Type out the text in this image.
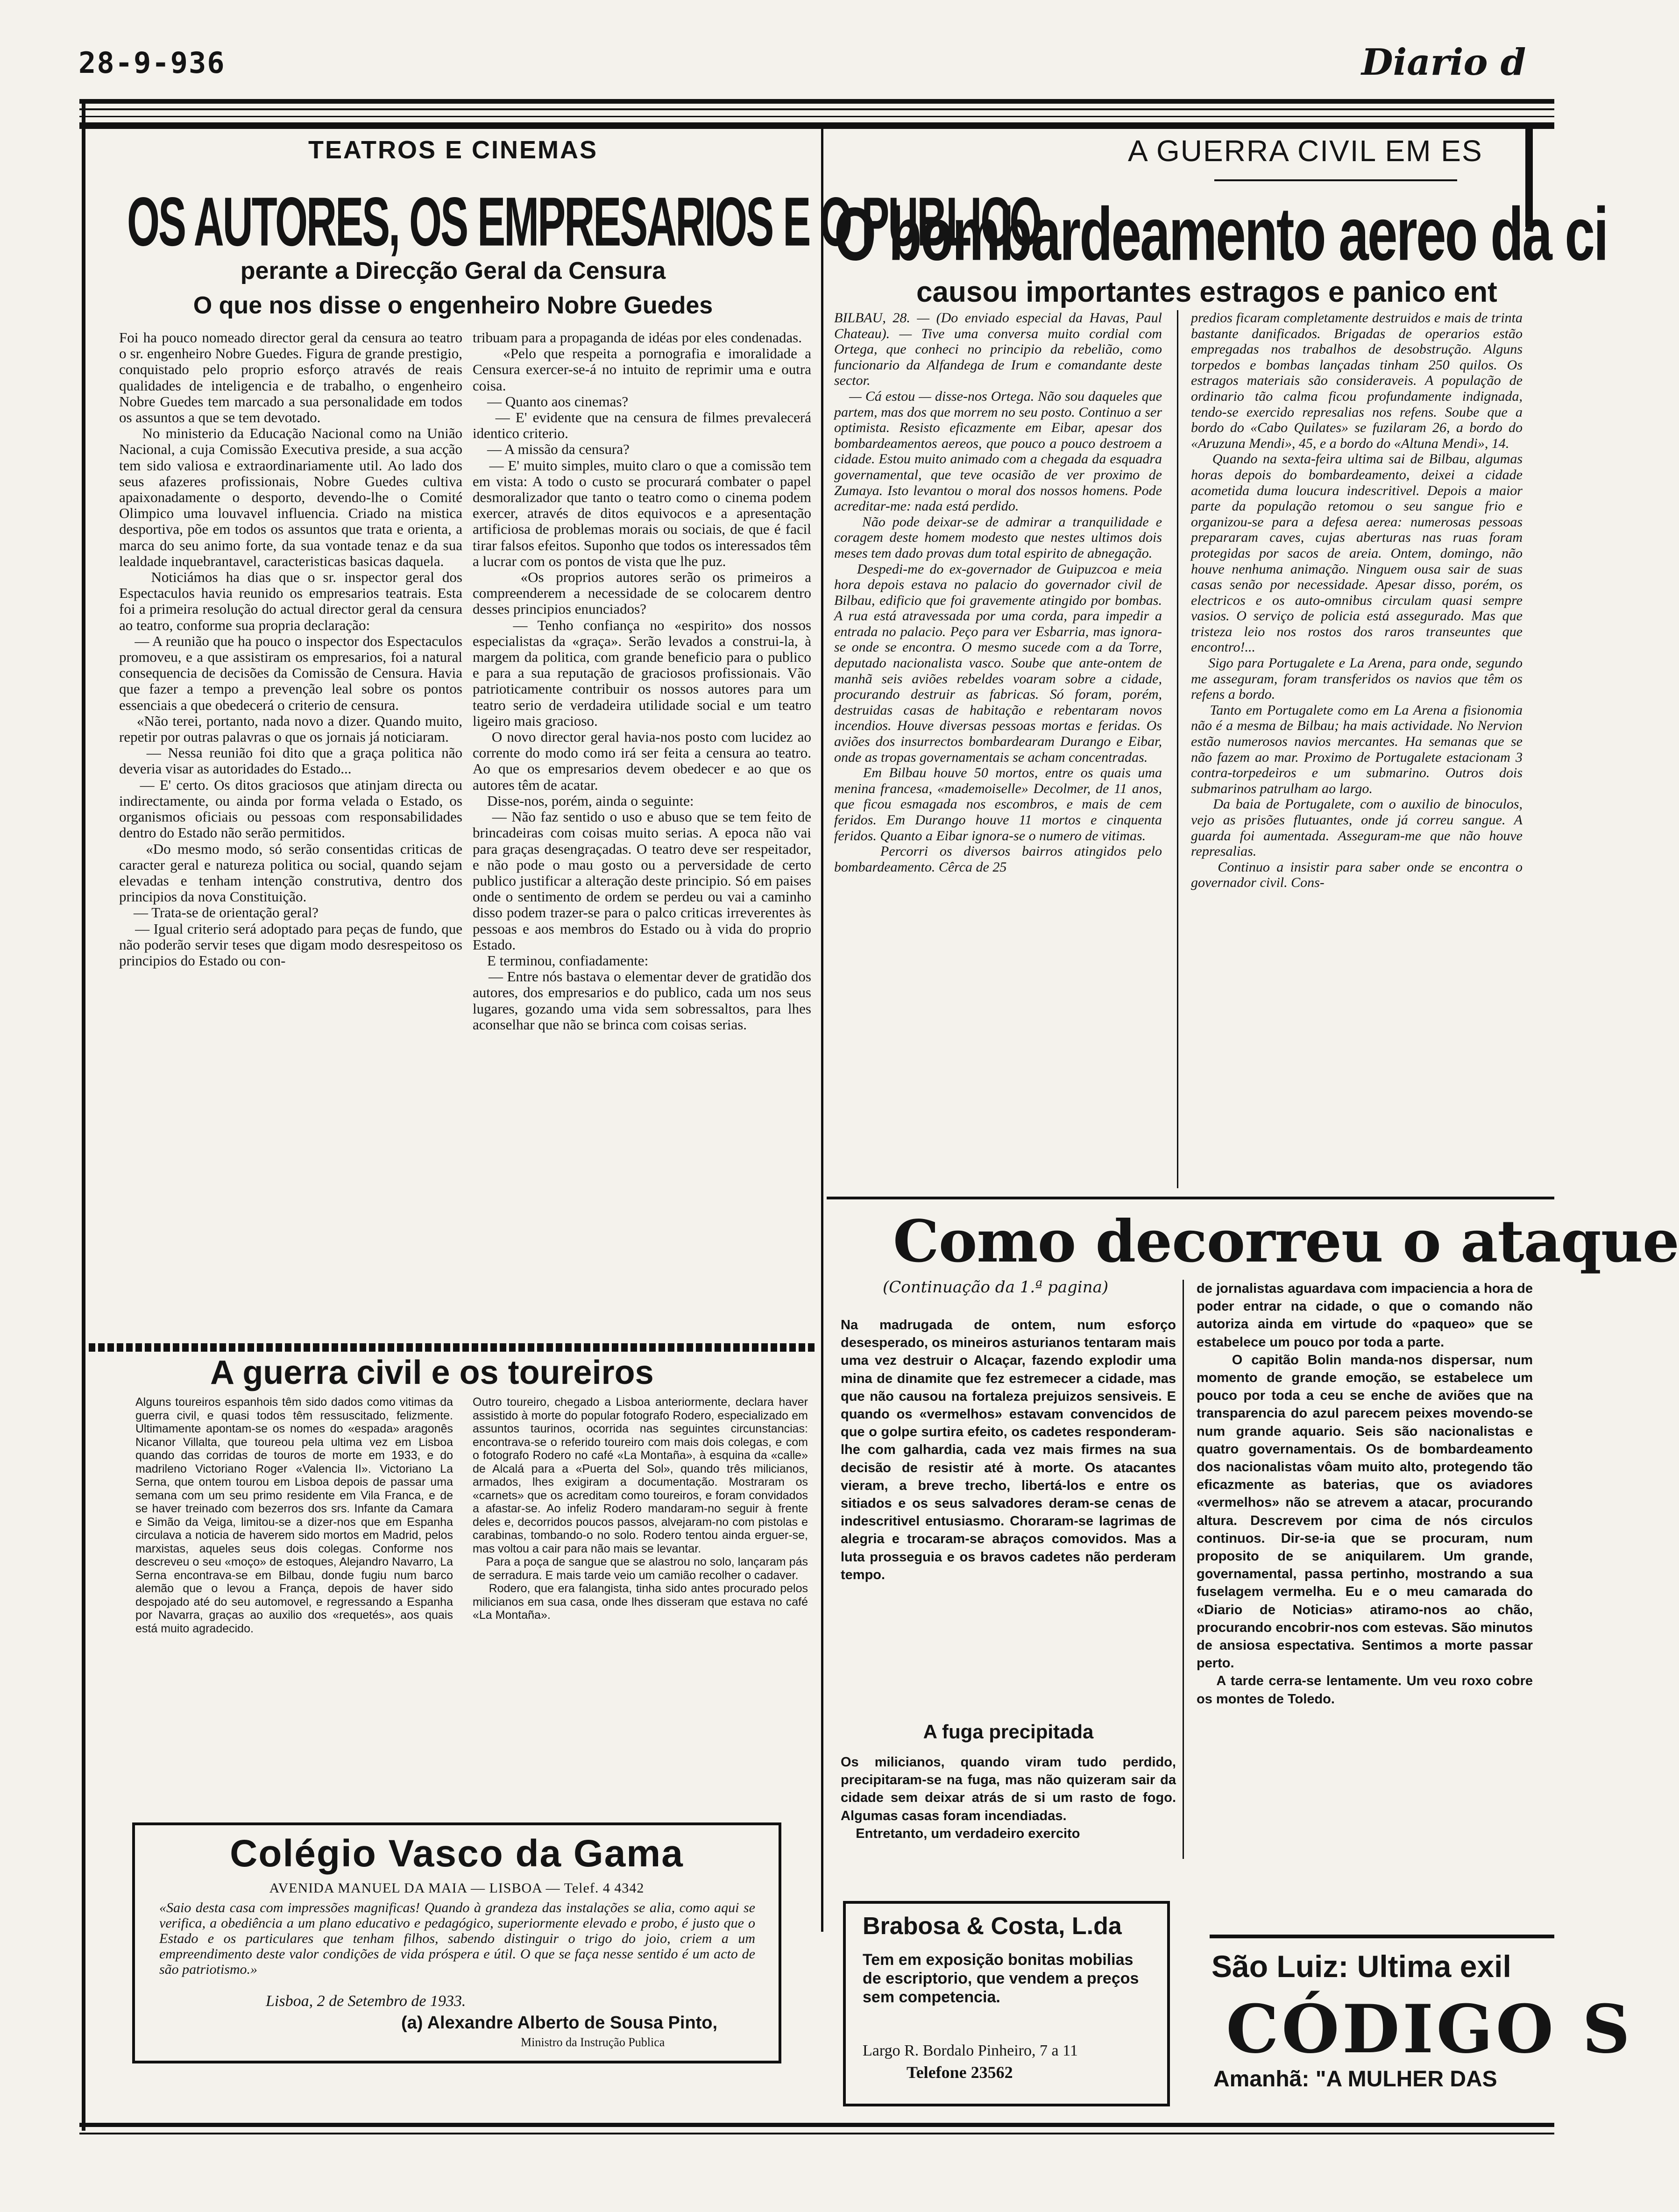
28-9-936	Diario d
TEATROS E CINEMAS
OS AUTORES, OS EMPRESARIOS E O PUBLICO
perante a Direcção Geral da Censura
O que nos disse o engenheiro Nobre Guedes
Foi ha pouco nomeado director geral da censura ao teatro o sr. engenheiro Nobre Guedes. Figura de grande prestigio, conquistado pelo proprio esforço através de reais qualidades de inteligencia e de trabalho, o engenheiro Nobre Guedes tem marcado a sua personalidade em todos os assuntos a que se tem devotado.
No ministerio da Educação Nacional como na União Nacional, a cuja Comissão Executiva preside, a sua acção tem sido valiosa e extraordinariamente util. Ao lado dos seus afazeres profissionais, Nobre Guedes cultiva apaixonadamente o desporto, devendo-lhe o Comité Olimpico uma louvavel influencia. Criado na mistica desportiva, põe em todos os assuntos que trata e orienta, a marca do seu animo forte, da sua vontade tenaz e da sua lealdade inquebrantavel, caracteristicas basicas daquela.
Noticiámos ha dias que o sr. inspector geral dos Espectaculos havia reunido os empresarios teatrais. Esta foi a primeira resolução do actual director geral da censura ao teatro, conforme sua propria declaração:
— A reunião que ha pouco o inspector dos Espectaculos promoveu, e a que assistiram os empresarios, foi a natural consequencia de decisões da Comissão de Censura. Havia que fazer a tempo a prevenção leal sobre os pontos essenciais a que obedecerá o criterio de censura.
«Não terei, portanto, nada novo a dizer. Quando muito, repetir por outras palavras o que os jornais já noticiaram.
— Nessa reunião foi dito que a graça politica não deveria visar as autoridades do Estado...
— E' certo. Os ditos graciosos que atinjam directa ou indirectamente, ou ainda por forma velada o Estado, os organismos oficiais ou pessoas com responsabilidades dentro do Estado não serão permitidos.
«Do mesmo modo, só serão consentidas criticas de caracter geral e natureza politica ou social, quando sejam elevadas e tenham intenção construtiva, dentro dos principios da nova Constituição.
— Trata-se de orientação geral?
— Igual criterio será adoptado para peças de fundo, que não poderão servir teses que digam modo desrespeitoso os principios do Estado ou con-
tribuam para a propaganda de idéas por eles condenadas.
«Pelo que respeita a pornografia e imoralidade a Censura exercer-se-á no intuito de reprimir uma e outra coisa.
— Quanto aos cinemas?
— E' evidente que na censura de filmes prevalecerá identico criterio.
— A missão da censura?
— E' muito simples, muito claro o que a comissão tem em vista: A todo o custo se procurará combater o papel desmoralizador que tanto o teatro como o cinema podem exercer, através de ditos equivocos e a apresentação artificiosa de problemas morais ou sociais, de que é facil tirar falsos efeitos. Suponho que todos os interessados têm a lucrar com os pontos de vista que lhe puz.
«Os proprios autores serão os primeiros a compreenderem a necessidade de se colocarem dentro desses principios enunciados?
— Tenho confiança no «espirito» dos nossos especialistas da «graça». Serão levados a construi-la, à margem da politica, com grande beneficio para o publico e para a sua reputação de graciosos profissionais. Vão patrioticamente contribuir os nossos autores para um teatro serio de verdadeira utilidade social e um teatro ligeiro mais gracioso.
O novo director geral havia-nos posto com lucidez ao corrente do modo como irá ser feita a censura ao teatro. Ao que os empresarios devem obedecer e ao que os autores têm de acatar.
Disse-nos, porém, ainda o seguinte:
— Não faz sentido o uso e abuso que se tem feito de brincadeiras com coisas muito serias. A epoca não vai para graças desengraçadas. O teatro deve ser respeitador, e não pode o mau gosto ou a perversidade de certo publico justificar a alteração deste principio. Só em paises onde o sentimento de ordem se perdeu ou vai a caminho disso podem trazer-se para o palco criticas irreverentes às pessoas e aos membros do Estado ou à vida do proprio Estado.
E terminou, confiadamente:
— Entre nós bastava o elementar dever de gratidão dos autores, dos empresarios e do publico, cada um nos seus lugares, gozando uma vida sem sobressaltos, para lhes aconselhar que não se brinca com coisas serias.
A guerra civil e os toureiros
Alguns toureiros espanhois têm sido dados como vitimas da guerra civil, e quasi todos têm ressuscitado, felizmente. Ultimamente apontam-se os nomes do «espada» aragonês Nicanor Villalta, que toureou pela ultima vez em Lisboa quando das corridas de touros de morte em 1933, e do madrileno Victoriano Roger «Valencia II». Victoriano La Serna, que ontem tourou em Lisboa depois de passar uma semana com um seu primo residente em Vila Franca, e de se haver treinado com bezerros dos srs. Infante da Camara e Simão da Veiga, limitou-se a dizer-nos que em Espanha circulava a noticia de haverem sido mortos em Madrid, pelos marxistas, aqueles seus dois colegas. Conforme nos descreveu o seu «moço» de estoques, Alejandro Navarro, La Serna encontrava-se em Bilbau, donde fugiu num barco alemão que o levou a França, depois de haver sido despojado até do seu automovel, e regressando a Espanha por Navarra, graças ao auxilio dos «requetés», aos quais está muito agradecido.
Outro toureiro, chegado a Lisboa anteriormente, declara haver assistido à morte do popular fotografo Rodero, especializado em assuntos taurinos, ocorrida nas seguintes circunstancias: encontrava-se o referido toureiro com mais dois colegas, e com o fotografo Rodero no café «La Montaña», à esquina da «calle» de Alcalá para a «Puerta del Sol», quando três milicianos, armados, lhes exigiram a documentação. Mostraram os «carnets» que os acreditam como toureiros, e foram convidados a afastar-se. Ao infeliz Rodero mandaram-no seguir à frente deles e, decorridos poucos passos, alvejaram-no com pistolas e carabinas, tombando-o no solo. Rodero tentou ainda erguer-se, mas voltou a cair para não mais se levantar.
Para a poça de sangue que se alastrou no solo, lançaram pás de serradura. E mais tarde veio um camião recolher o cadaver.
Rodero, que era falangista, tinha sido antes procurado pelos milicianos em sua casa, onde lhes disseram que estava no café «La Montaña».
Colégio Vasco da Gama
AVENIDA MANUEL DA MAIA — LISBOA — Telef. 4 4342
«Saio desta casa com impressões magnificas! Quando à grandeza das instalações se alia, como aqui se verifica, a obediência a um plano educativo e pedagógico, superiormente elevado e probo, é justo que o Estado e os particulares que tenham filhos, sabendo distinguir o trigo do joio, criem a um empreendimento deste valor condições de vida próspera e útil. O que se faça nesse sentido é um acto de são patriotismo.»
Lisboa, 2 de Setembro de 1933.
(a) Alexandre Alberto de Sousa Pinto,
Ministro da Instrução Publica
A GUERRA CIVIL EM ES
O bombardeamento aereo da ci
causou importantes estragos e panico ent
BILBAU, 28. — (Do enviado especial da Havas, Paul Chateau). — Tive uma conversa muito cordial com Ortega, que conheci no principio da rebelião, como funcionario da Alfandega de Irum e comandante deste sector.
— Cá estou — disse-nos Ortega. Não sou daqueles que partem, mas dos que morrem no seu posto. Continuo a ser optimista. Resisto eficazmente em Eibar, apesar dos bombardeamentos aereos, que pouco a pouco destroem a cidade. Estou muito animado com a chegada da esquadra governamental, que teve ocasião de ver proximo de Zumaya. Isto levantou o moral dos nossos homens. Pode acreditar-me: nada está perdido.
Não pode deixar-se de admirar a tranquilidade e coragem deste homem modesto que nestes ultimos dois meses tem dado provas dum total espirito de abnegação.
Despedi-me do ex-governador de Guipuzcoa e meia hora depois estava no palacio do governador civil de Bilbau, edificio que foi gravemente atingido por bombas. A rua está atravessada por uma corda, para impedir a entrada no palacio. Peço para ver Esbarria, mas ignora-se onde se encontra. O mesmo sucede com a da Torre, deputado nacionalista vasco. Soube que ante-ontem de manhã seis aviões rebeldes voaram sobre a cidade, procurando destruir as fabricas. Só foram, porém, destruidas casas de habitação e rebentaram novos incendios. Houve diversas pessoas mortas e feridas. Os aviões dos insurrectos bombardearam Durango e Eibar, onde as tropas governamentais se acham concentradas.
Em Bilbau houve 50 mortos, entre os quais uma menina francesa, «mademoiselle» Decolmer, de 11 anos, que ficou esmagada nos escombros, e mais de cem feridos. Em Durango houve 11 mortos e cinquenta feridos. Quanto a Eibar ignora-se o numero de vitimas.
Percorri os diversos bairros atingidos pelo bombardeamento. Cêrca de 25
predios ficaram completamente destruidos e mais de trinta bastante danificados. Brigadas de operarios estão empregadas nos trabalhos de desobstrução. Alguns torpedos e bombas lançadas tinham 250 quilos. Os estragos materiais são consideraveis. A população de ordinario tão calma ficou profundamente indignada, tendo-se exercido represalias nos refens. Soube que a bordo do «Cabo Quilates» se fuzilaram 26, a bordo do «Aruzuna Mendi», 45, e a bordo do «Altuna Mendi», 14.
Quando na sexta-feira ultima sai de Bilbau, algumas horas depois do bombardeamento, deixei a cidade acometida duma loucura indescritivel. Depois a maior parte da população retomou o seu sangue frio e organizou-se para a defesa aerea: numerosas pessoas prepararam caves, cujas aberturas nas ruas foram protegidas por sacos de areia. Ontem, domingo, não houve nenhuma animação. Ninguem ousa sair de suas casas senão por necessidade. Apesar disso, porém, os electricos e os auto-omnibus circulam quasi sempre vasios. O serviço de policia está assegurado. Mas que tristeza leio nos rostos dos raros transeuntes que encontro!...
Sigo para Portugalete e La Arena, para onde, segundo me asseguram, foram transferidos os navios que têm os refens a bordo.
Tanto em Portugalete como em La Arena a fisionomia não é a mesma de Bilbau; ha mais actividade. No Nervion estão numerosos navios mercantes. Ha semanas que se não fazem ao mar. Proximo de Portugalete estacionam 3 contra-torpedeiros e um submarino. Outros dois submarinos patrulham ao largo.
Da baia de Portugalete, com o auxilio de binoculos, vejo as prisões flutuantes, onde já correu sangue. A guarda foi aumentada. Asseguram-me que não houve represalias.
Continuo a insistir para saber onde se encontra o governador civil. Cons-
Como decorreu o ataque
(Continuação da 1.ª pagina)
Na madrugada de ontem, num esforço desesperado, os mineiros asturianos tentaram mais uma vez destruir o Alcaçar, fazendo explodir uma mina de dinamite que fez estremecer a cidade, mas que não causou na fortaleza prejuizos sensiveis. E quando os «vermelhos» estavam convencidos de que o golpe surtira efeito, os cadetes responderam-lhe com galhardia, cada vez mais firmes na sua decisão de resistir até à morte. Os atacantes vieram, a breve trecho, libertá-los e entre os sitiados e os seus salvadores deram-se cenas de indescritivel entusiasmo. Choraram-se lagrimas de alegria e trocaram-se abraços comovidos. Mas a luta prosseguia e os bravos cadetes não perderam tempo.
A fuga precipitada
Os milicianos, quando viram tudo perdido, precipitaram-se na fuga, mas não quizeram sair da cidade sem deixar atrás de si um rasto de fogo. Algumas casas foram incendiadas.
Entretanto, um verdadeiro exercito
de jornalistas aguardava com impaciencia a hora de poder entrar na cidade, o que o comando não autoriza ainda em virtude do «paqueo» que se estabelece um pouco por toda a parte.
O capitão Bolin manda-nos dispersar, num momento de grande emoção, se estabelece um pouco por toda a ceu se enche de aviões que na transparencia do azul parecem peixes movendo-se num grande aquario. Seis são nacionalistas e quatro governamentais. Os de bombardeamento dos nacionalistas vôam muito alto, protegendo tão eficazmente as baterias, que os aviadores «vermelhos» não se atrevem a atacar, procurando altura. Descrevem por cima de nós circulos continuos. Dir-se-ia que se procuram, num proposito de se aniquilarem. Um grande, governamental, passa pertinho, mostrando a sua fuselagem vermelha. Eu e o meu camarada do «Diario de Noticias» atiramo-nos ao chão, procurando encobrir-nos com estevas. São minutos de ansiosa espectativa. Sentimos a morte passar perto.
A tarde cerra-se lentamente. Um veu roxo cobre os montes de Toledo.
Brabosa & Costa, L.da
Tem em exposição bonitas mobilias de escriptorio, que vendem a preços sem competencia.
Largo R. Bordalo Pinheiro, 7 a 11
Telefone 23562
São Luiz: Ultima exil
CÓDIGO S
Amanhã: "A MULHER DAS
